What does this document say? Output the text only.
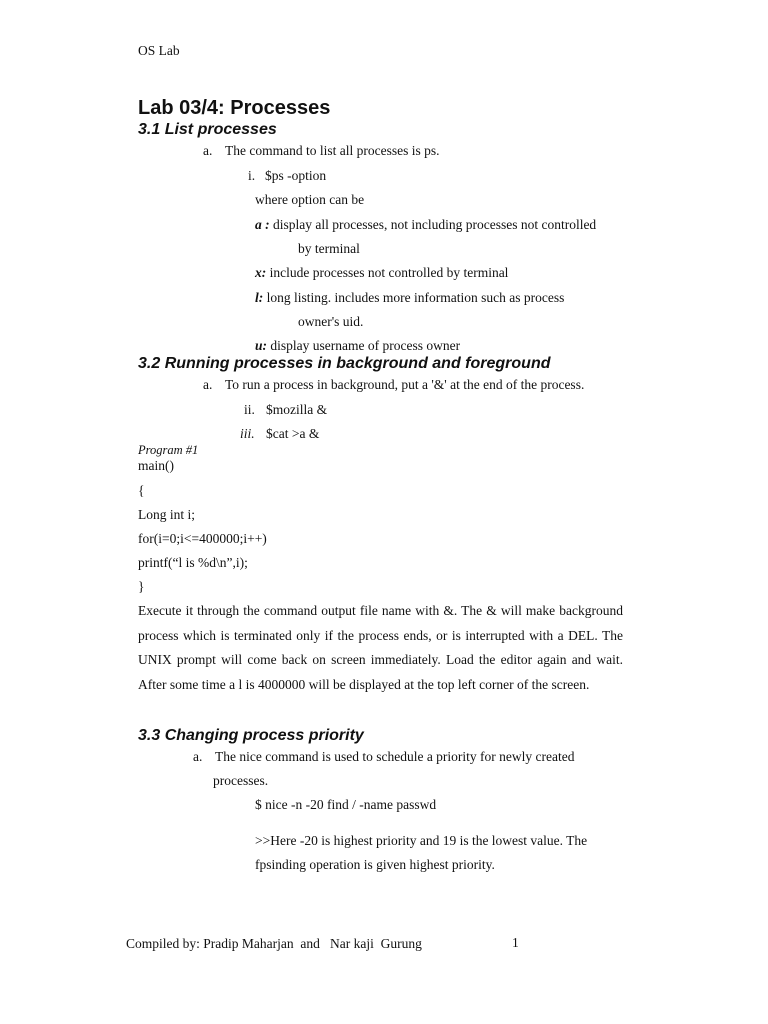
OS Lab
Lab 03/4: Processes
3.1 List processes
a. The command to list all processes is ps.
i. $ps -option
where option can be
a : display all processes, not including processes not controlled
by terminal
x: include processes not controlled by terminal
l: long listing. includes more information such as process
owner's uid.
u: display username of process owner
3.2 Running processes in background and foreground
a. To run a process in background, put a '&' at the end of the process.
ii. $mozilla &
iii. $cat >a &
Program #1
main()
{
Long int i;
for(i=0;i<=400000;i++)
printf(“l is %d\n”,i);
}
Execute it through the command output file name with &. The & will make background process which is terminated only if the process ends, or is interrupted with a DEL. The UNIX prompt will come back on screen immediately. Load the editor again and wait. After some time a l is 4000000 will be displayed at the top left corner of the screen.
3.3 Changing process priority
a. The nice command is used to schedule a priority for newly created
processes.
$ nice -n -20 find / -name passwd
>>Here -20 is highest priority and 19 is the lowest value. The
fpsinding operation is given highest priority.
Compiled by: Pradip Maharjan  and   Nar kaji  Gurung	1
